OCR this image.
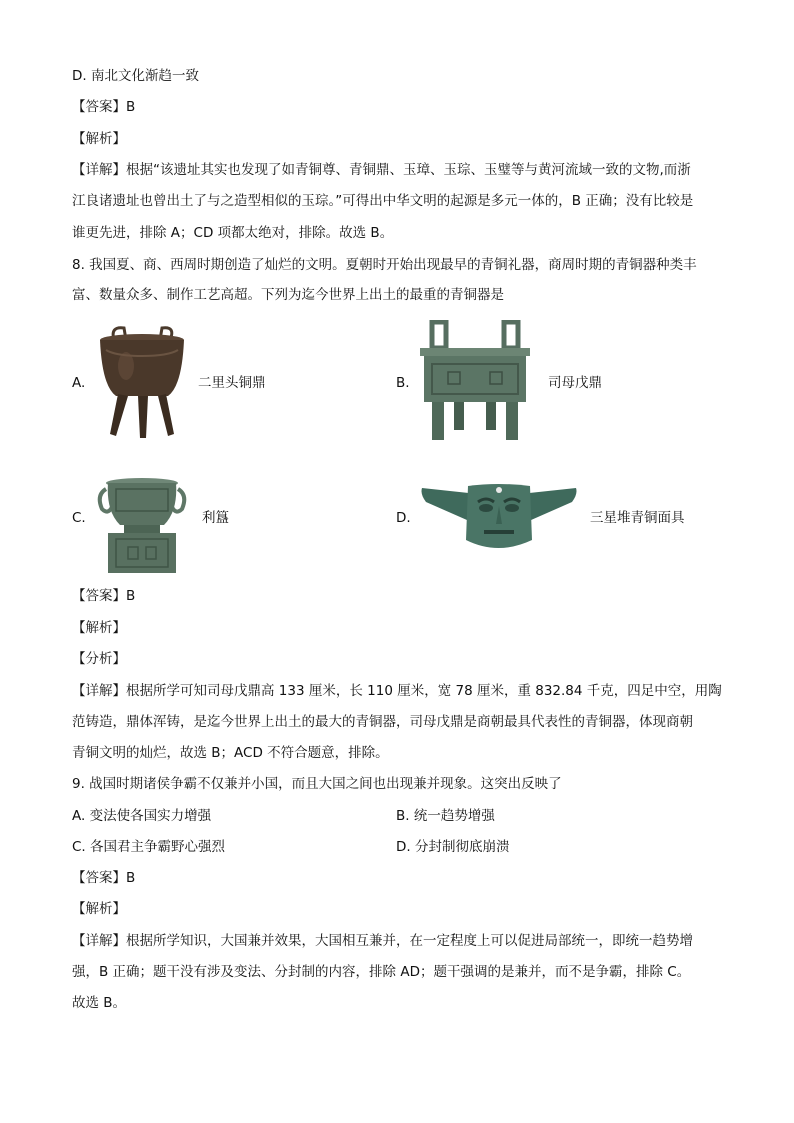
D. 南北文化渐趋一致
【答案】B
【解析】
【详解】根据“该遗址其实也发现了如青铜尊、青铜鼎、玉璋、玉琮、玉璧等与黄河流域一致的文物,而浙
江良诸遗址也曾出土了与之造型相似的玉琮。”可得出中华文明的起源是多元一体的，B 正确；没有比较是
谁更先进，排除 A；CD 项都太绝对，排除。故选 B。
8. 我国夏、商、西周时期创造了灿烂的文明。夏朝时开始出现最早的青铜礼器，商周时期的青铜器种类丰
富、数量众多、制作工艺高超。下列为迄今世界上出土的最重的青铜器是
A.	二里头铜鼎	B.	司母戊鼎
C.	利簋	D.	三星堆青铜面具
【答案】B
【解析】
【分析】
【详解】根据所学可知司母戊鼎高 133 厘米，长 110 厘米，宽 78 厘米，重 832.84 千克，四足中空，用陶
范铸造，鼎体浑铸，是迄今世界上出土的最大的青铜器，司母戊鼎是商朝最具代表性的青铜器，体现商朝
青铜文明的灿烂，故选 B；ACD 不符合题意，排除。
9. 战国时期诸侯争霸不仅兼并小国，而且大国之间也出现兼并现象。这突出反映了
A. 变法使各国实力增强	B. 统一趋势增强
C. 各国君主争霸野心强烈	D. 分封制彻底崩溃
【答案】B
【解析】
【详解】根据所学知识，大国兼并效果，大国相互兼并，在一定程度上可以促进局部统一，即统一趋势增
强，B 正确；题干没有涉及变法、分封制的内容，排除 AD；题干强调的是兼并，而不是争霸，排除 C。
故选 B。
